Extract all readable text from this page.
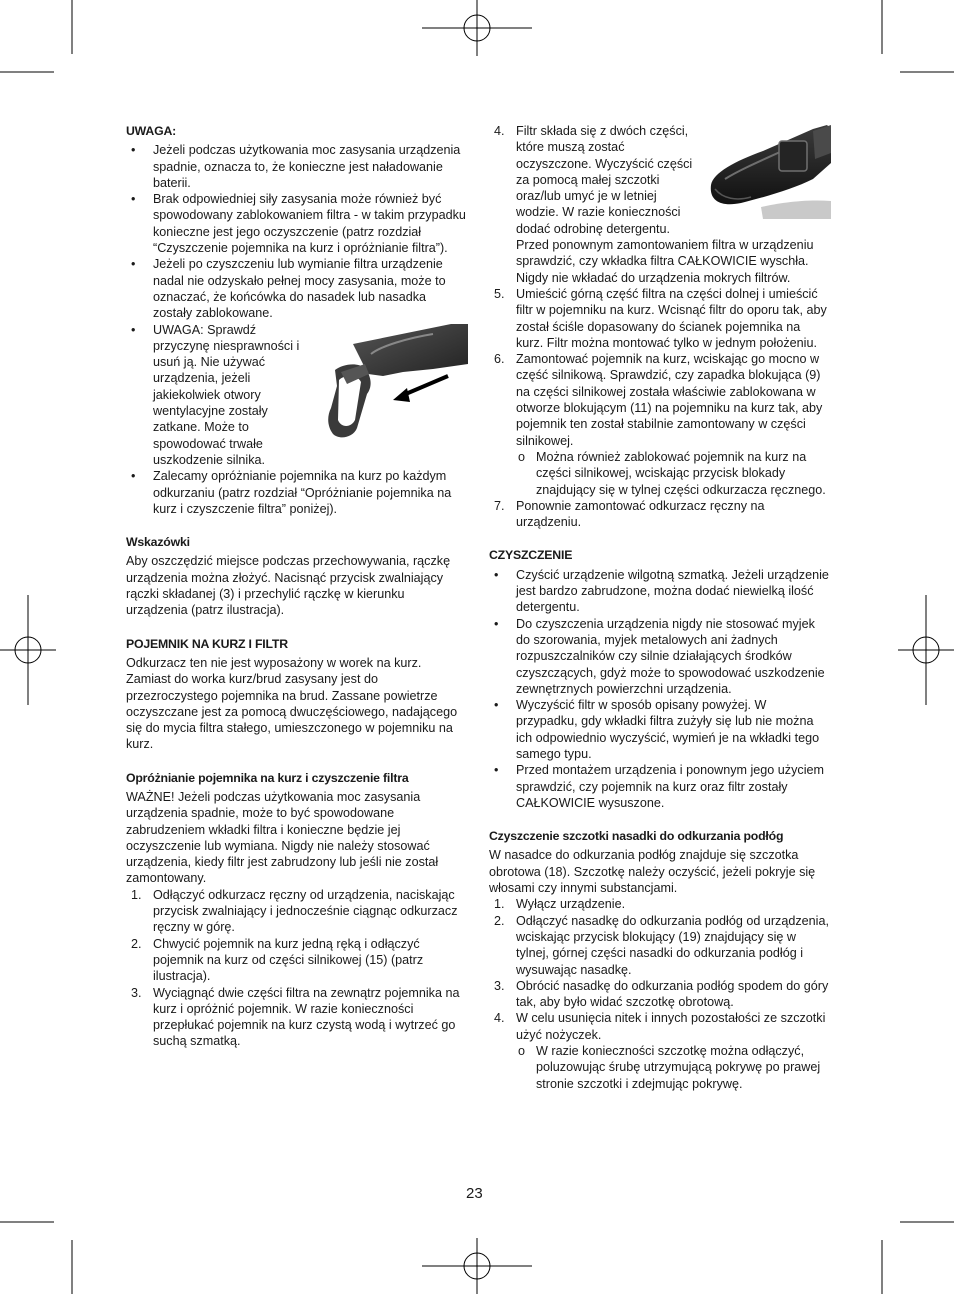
UWAGA:
• Jeżeli podczas użytkowania moc zasysania urządzenia spadnie, oznacza to, że konieczne jest naładowanie baterii.
• Brak odpowiedniej siły zasysania może również być spowodowany zablokowaniem filtra - w takim przypadku konieczne jest jego oczyszczenie (patrz rozdział “Czyszczenie pojemnika na kurz i opróżnianie filtra”).
• Jeżeli po czyszczeniu lub wymianie filtra urządzenie nadal nie odzyskało pełnej mocy zasysania, może to oznaczać, że końcówka do nasadek lub nasadka zostały zablokowane.
• UWAGA: Sprawdź przyczynę niesprawności i usuń ją. Nie używać urządzenia, jeżeli jakiekolwiek otwory wentylacyjne zostały zatkane. Może to spowodować trwałe uszkodzenie silnika.
• Zalecamy opróżnianie pojemnika na kurz po każdym odkurzaniu (patrz rozdział “Opróżnianie pojemnika na kurz i czyszczenie filtra” poniżej).
Wskazówki

Aby oszczędzić miejsce podczas przechowywania, rączkę urządzenia można złożyć. Nacisnąć przycisk zwalniający rączki składanej (3) i przechylić rączkę w kierunku urządzenia (patrz ilustracja).

POJEMNIK NA KURZ I FILTR

Odkurzacz ten nie jest wyposażony w worek na kurz. Zamiast do worka kurz/brud zasysany jest do przezroczystego pojemnika na brud. Zassane powietrze oczyszczane jest za pomocą dwuczęściowego, nadającego się do mycia filtra stałego, umieszczonego w pojemniku na kurz.

Opróżnianie pojemnika na kurz i czyszczenie filtra

WAŻNE! Jeżeli podczas użytkowania moc zasysania urządzenia spadnie, może to być spowodowane zabrudzeniem wkładki filtra i konieczne będzie jej oczyszczenie lub wymiana. Nigdy nie należy stosować urządzenia, kiedy filtr jest zabrudzony lub jeśli nie został zamontowany.

1. Odłączyć odkurzacz ręczny od urządzenia, naciskając przycisk zwalniający i jednocześnie ciągnąc odkurzacz ręczny w górę.
2. Chwycić pojemnik na kurz jedną ręką i odłączyć pojemnik na kurz od części silnikowej (15) (patrz ilustracja).
3. Wyciągnąć dwie części filtra na zewnątrz pojemnika na kurz i opróżnić pojemnik. W razie konieczności przepłukać pojemnik na kurz czystą wodą i wytrzeć go suchą szmatką.
4. Filtr składa się z dwóch części, które muszą zostać oczyszczone. Wyczyścić części za pomocą małej szczotki oraz/lub umyć je w letniej wodzie. W razie konieczności dodać odrobinę detergentu. Przed ponownym zamontowaniem filtra w urządzeniu sprawdzić, czy wkładka filtra CAŁKOWICIE wyschła. Nigdy nie wkładać do urządzenia mokrych filtrów.
5. Umieścić górną część filtra na części dolnej i umieścić filtr w pojemniku na kurz. Wcisnąć filtr do oporu tak, aby został ściśle dopasowany do ścianek pojemnika na kurz. Filtr można montować tylko w jednym położeniu.
6. Zamontować pojemnik na kurz, wciskając go mocno w część silnikową. Sprawdzić, czy zapadka blokująca (9) na części silnikowej została właściwie zablokowana w otworze blokującym (11) na pojemniku na kurz tak, aby pojemnik ten został stabilnie zamontowany w części silnikowej.
o Można również zablokować pojemnik na kurz na części silnikowej, wciskając przycisk blokady znajdujący się w tylnej części odkurzacza ręcznego.
7. Ponownie zamontować odkurzacz ręczny na urządzeniu.
CZYSZCZENIE
• Czyścić urządzenie wilgotną szmatką. Jeżeli urządzenie jest bardzo zabrudzone, można dodać niewielką ilość detergentu.
• Do czyszczenia urządzenia nigdy nie stosować myjek do szorowania, myjek metalowych ani żadnych rozpuszczalników czy silnie działających środków czyszczących, gdyż może to spowodować uszkodzenie zewnętrznych powierzchni urządzenia.
• Wyczyścić filtr w sposób opisany powyżej. W przypadku, gdy wkładki filtra zużyły się lub nie można ich odpowiednio wyczyścić, wymień je na wkładki tego samego typu.
• Przed montażem urządzenia i ponownym jego użyciem sprawdzić, czy pojemnik na kurz oraz filtr zostały CAŁKOWICIE wysuszone.
Czyszczenie szczotki nasadki do odkurzania podłóg

W nasadce do odkurzania podłóg znajduje się szczotka obrotowa (18). Szczotkę należy oczyścić, jeżeli pokryje się włosami czy innymi substancjami.

1. Wyłącz urządzenie.
2. Odłączyć nasadkę do odkurzania podłóg od urządzenia, wciskając przycisk blokujący (19) znajdujący się w tylnej, górnej części nasadki do odkurzania podłóg i wysuwając nasadkę.
3. Obrócić nasadkę do odkurzania podłóg spodem do góry tak, aby było widać szczotkę obrotową.
4. W celu usunięcia nitek i innych pozostałości ze szczotki użyć nożyczek.
o W razie konieczności szczotkę można odłączyć, poluzowując śrubę utrzymującą pokrywę po prawej stronie szczotki i zdejmując pokrywę.
23
